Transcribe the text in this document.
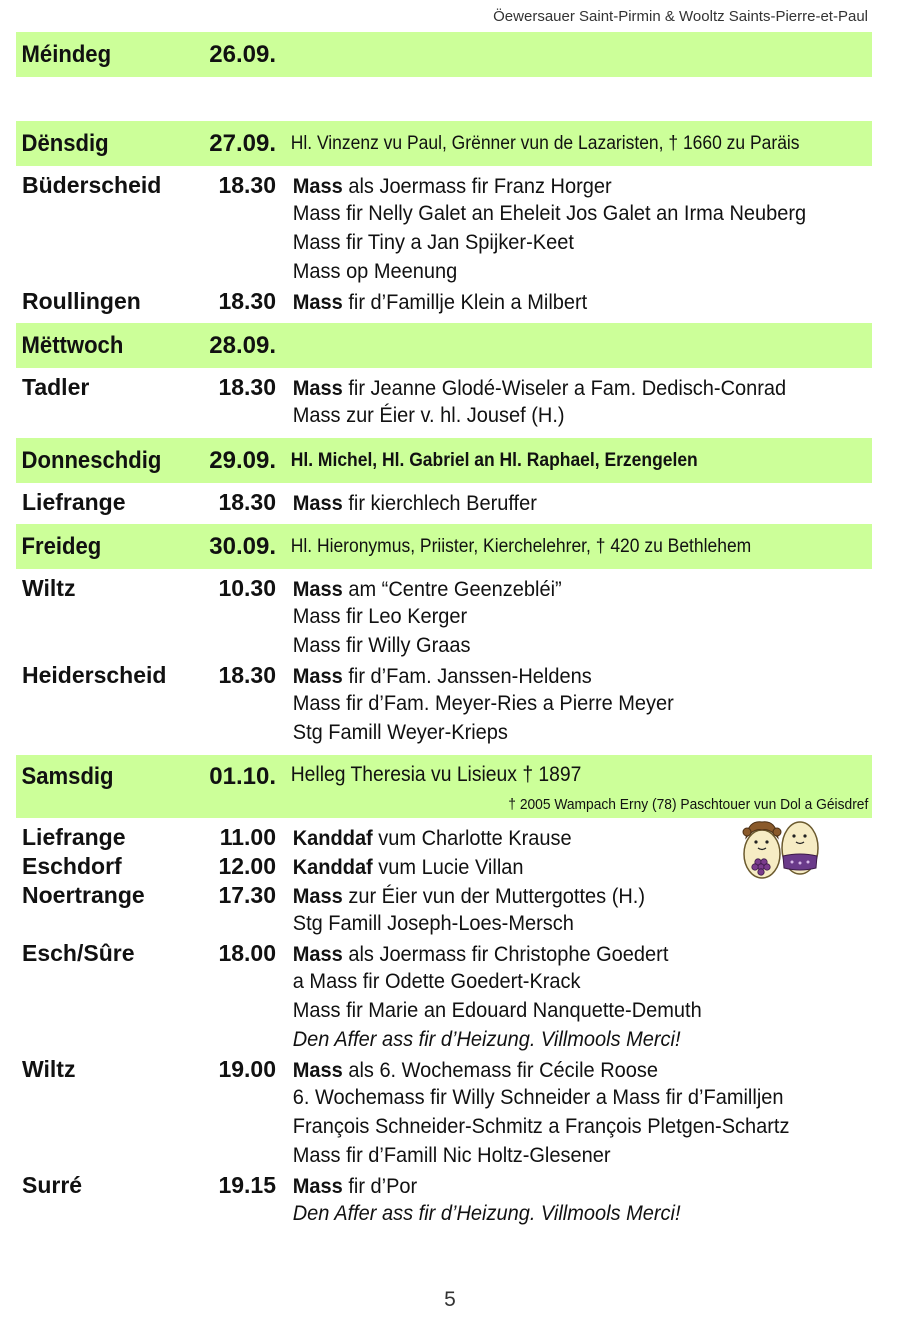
Öewersauer Saint-Pirmin & Wooltz Saints-Pierre-et-Paul
Méindeg	26.09.
Dënsdig	27.09. Hl. Vinzenz vu Paul, Grënner vun de Lazaristen, † 1660 zu Paräis
Büderscheid	18.30 Mass als Joermass fir Franz Horger
Mass fir Nelly Galet an Eheleit Jos Galet an Irma Neuberg
Mass fir Tiny a Jan Spijker-Keet
Mass op Meenung
Roullingen	18.30 Mass fir d’Famillje Klein a Milbert
Mëttwoch	28.09.
Tadler	18.30 Mass fir Jeanne Glodé-Wiseler a Fam. Dedisch-Conrad
Mass zur Éier v. hl. Jousef (H.)
Donneschdig	29.09. Hl. Michel, Hl. Gabriel an Hl. Raphael, Erzengelen
Liefrange	18.30 Mass fir kierchlech Beruffer
Freideg	30.09. Hl. Hieronymus, Priister, Kierchelehrer, † 420 zu Bethlehem
Wiltz	10.30 Mass am “Centre Geenzebléi”
Mass fir Leo Kerger
Mass fir Willy Graas
Heiderscheid	18.30 Mass fir d’Fam. Janssen-Heldens
Mass fir d’Fam. Meyer-Ries a Pierre Meyer
Stg Famill Weyer-Krieps
Samsdig	01.10. Helleg Theresia vu Lisieux † 1897
† 2005 Wampach Erny (78) Paschtouer vun Dol a Géisdref
Liefrange	11.00 Kanddaf vum Charlotte Krause
Eschdorf	12.00 Kanddaf vum Lucie Villan
Noertrange	17.30 Mass zur Éier vun der Muttergottes (H.)
Stg Famill Joseph-Loes-Mersch
Esch/Sûre	18.00 Mass als Joermass fir Christophe Goedert
a Mass fir Odette Goedert-Krack
Mass fir Marie an Edouard Nanquette-Demuth
Den Affer ass fir d’Heizung. Villmools Merci!
Wiltz	19.00 Mass als 6. Wochemass fir Cécile Roose
6. Wochemass fir Willy Schneider a Mass fir d’Familljen
François Schneider-Schmitz a François Pletgen-Schartz
Mass fir d’Famill Nic Holtz-Glesener
Surré	19.15 Mass fir d’Por
Den Affer ass fir d’Heizung. Villmools Merci!
5
